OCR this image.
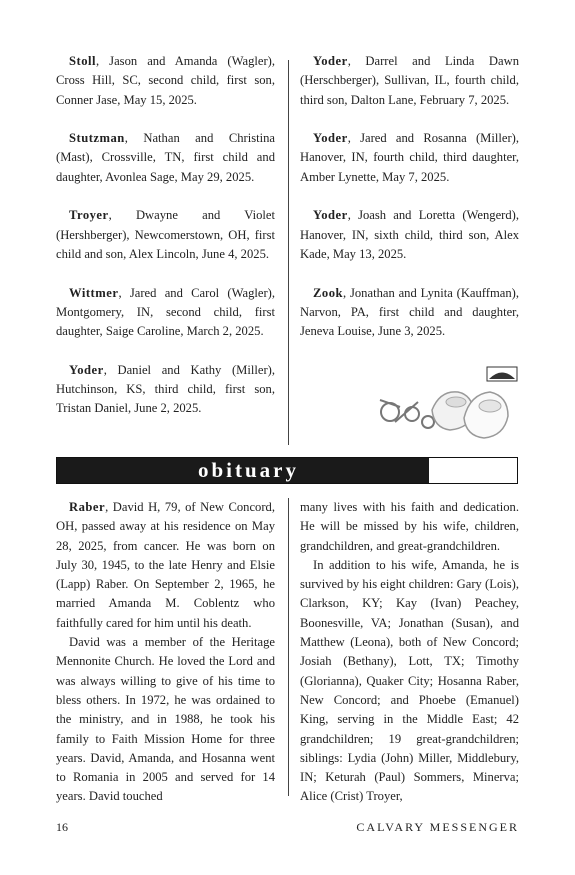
Stoll, Jason and Amanda (Wagler), Cross Hill, SC, second child, first son, Conner Jase, May 15, 2025.

Stutzman, Nathan and Christina (Mast), Crossville, TN, first child and daughter, Avonlea Sage, May 29, 2025.

Troyer, Dwayne and Violet (Hershberger), Newcomerstown, OH, first child and son, Alex Lincoln, June 4, 2025.

Wittmer, Jared and Carol (Wagler), Montgomery, IN, second child, first daughter, Saige Caroline, March 2, 2025.

Yoder, Daniel and Kathy (Miller), Hutchinson, KS, third child, first son, Tristan Daniel, June 2, 2025.

Yoder, Darrel and Linda Dawn (Herschberger), Sullivan, IL, fourth child, third son, Dalton Lane, February 7, 2025.

Yoder, Jared and Rosanna (Miller), Hanover, IN, fourth child, third daughter, Amber Lynette, May 7, 2025.

Yoder, Joash and Loretta (Wengerd), Hanover, IN, sixth child, third son, Alex Kade, May 13, 2025.

Zook, Jonathan and Lynita (Kauffman), Narvon, PA, first child and daughter, Jeneva Louise, June 3, 2025.

obituary

Raber, David H, 79, of New Concord, OH, passed away at his residence on May 28, 2025, from cancer. He was born on July 30, 1945, to the late Henry and Elsie (Lapp) Raber. On September 2, 1965, he married Amanda M. Coblentz who faithfully cared for him until his death.

David was a member of the Heritage Mennonite Church. He loved the Lord and was always willing to give of his time to bless others. In 1972, he was ordained to the ministry, and in 1988, he took his family to Faith Mission Home for three years. David, Amanda, and Hosanna went to Romania in 2005 and served for 14 years. David touched

many lives with his faith and dedication. He will be missed by his wife, children, grandchildren, and great-grandchildren.

In addition to his wife, Amanda, he is survived by his eight children: Gary (Lois), Clarkson, KY; Kay (Ivan) Peachey, Boonesville, VA; Jonathan (Susan), and Matthew (Leona), both of New Concord; Josiah (Bethany), Lott, TX; Timothy (Glorianna), Quaker City; Hosanna Raber, New Concord; and Phoebe (Emanuel) King, serving in the Middle East; 42 grandchildren; 19 great-grandchildren; siblings: Lydia (John) Miller, Middlebury, IN; Keturah (Paul) Sommers, Minerva; Alice (Crist) Troyer,

16	CALVARY MESSENGER
